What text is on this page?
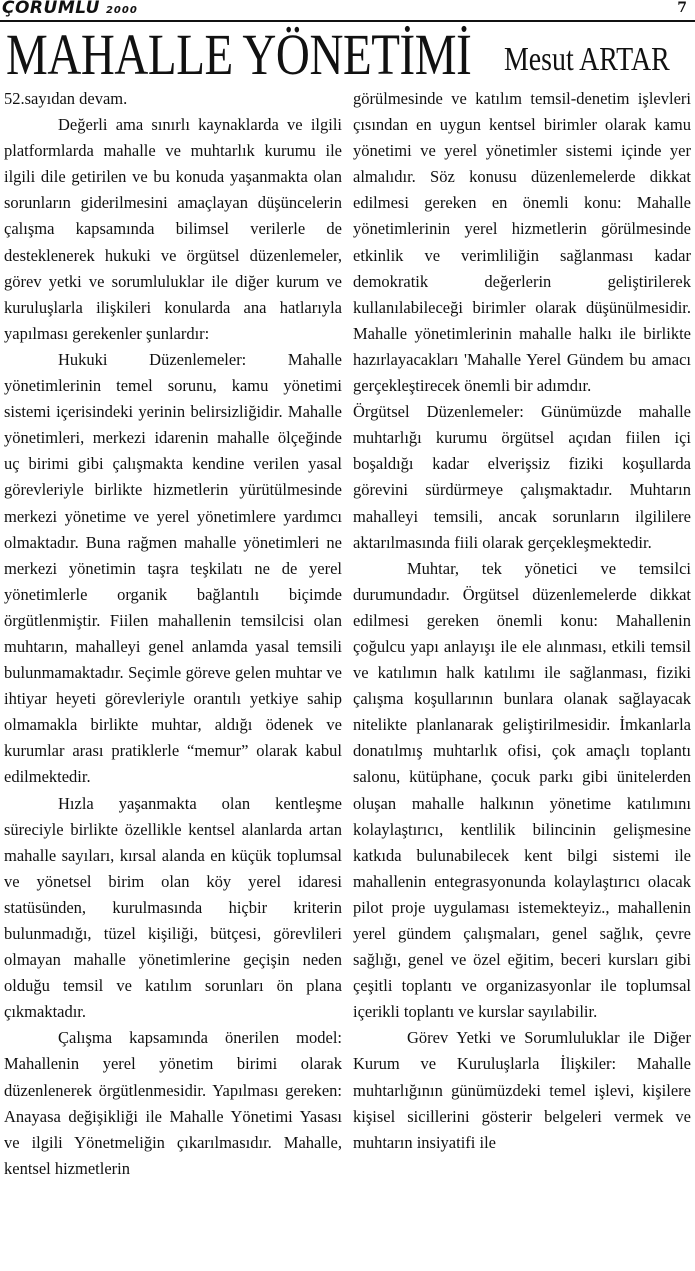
ÇORUMLU 2000	7
MAHALLE YÖNETİMİ Mesut ARTAR

52.sayıdan devam.

Değerli ama sınırlı kaynaklarda ve ilgili platformlarda mahalle ve muhtarlık kurumu ile ilgili dile getirilen ve bu konuda yaşanmakta olan sorunların giderilmesini amaçlayan düşüncelerin çalışma kapsamında bilimsel verilerle de desteklenerek hukuki ve örgütsel düzenlemeler, görev yetki ve sorumluluklar ile diğer kurum ve kuruluşlarla ilişkileri konularda ana hatlarıyla yapılması gerekenler şunlardır:

Hukuki Düzenlemeler: Mahalle yönetimlerinin temel sorunu, kamu yönetimi sistemi içerisindeki yerinin belirsizliğidir. Mahalle yönetimleri, merkezi idarenin mahalle ölçeğinde uç birimi gibi çalışmakta kendine verilen yasal görevleriyle birlikte hizmetlerin yürütülmesinde merkezi yönetime ve yerel yönetimlere yardımcı olmaktadır. Buna rağmen mahalle yönetimleri ne merkezi yönetimin taşra teşkilatı ne de yerel yönetimlerle organik bağlantılı biçimde örgütlenmiştir. Fiilen mahallenin temsilcisi olan muhtarın, mahalleyi genel anlamda yasal temsili bulunmamaktadır. Seçimle göreve gelen muhtar ve ihtiyar heyeti görevleriyle orantılı yetkiye sahip olmamakla birlikte muhtar, aldığı ödenek ve kurumlar arası pratiklerle “memur” olarak kabul edilmektedir.

Hızla yaşanmakta olan kentleşme süreciyle birlikte özellikle kentsel alanlarda artan mahalle sayıları, kırsal alanda en küçük toplumsal ve yönetsel birim olan köy yerel idaresi statüsünden, kurulmasında hiçbir kriterin bulunmadığı, tüzel kişiliği, bütçesi, görevlileri olmayan mahalle yönetimlerine geçişin neden olduğu temsil ve katılım sorunları ön plana çıkmaktadır.

Çalışma kapsamında önerilen model: Mahallenin yerel yönetim birimi olarak düzenlenerek örgütlenmesidir. Yapılması gereken: Anayasa değişikliği ile Mahalle Yönetimi Yasası ve ilgili Yönetmeliğin çıkarılmasıdır. Mahalle, kentsel hizmetlerin

görülmesinde ve katılım temsil-denetim işlevleri çısından en uygun kentsel birimler olarak kamu yönetimi ve yerel yönetimler sistemi içinde yer almalıdır. Söz konusu düzenlemelerde dikkat edilmesi gereken en önemli konu: Mahalle yönetimlerinin yerel hizmetlerin görülmesinde etkinlik ve verimliliğin sağlanması kadar demokratik değerlerin geliştirilerek kullanılabileceği birimler olarak düşünülmesidir. Mahalle yönetimlerinin mahalle halkı ile birlikte hazırlayacakları 'Mahalle Yerel Gündem bu amacı gerçekleştirecek önemli bir adımdır.

Örgütsel Düzenlemeler: Günümüzde mahalle muhtarlığı kurumu örgütsel açıdan fiilen içi boşaldığı kadar elverişsiz fiziki koşullarda görevini sürdürmeye çalışmaktadır. Muhtarın mahalleyi temsili, ancak sorunların ilgililere aktarılmasında fiili olarak gerçekleşmektedir.

Muhtar, tek yönetici ve temsilci durumundadır. Örgütsel düzenlemelerde dikkat edilmesi gereken önemli konu: Mahallenin çoğulcu yapı anlayışı ile ele alınması, etkili temsil ve katılımın halk katılımı ile sağlanması, fiziki çalışma koşullarının bunlara olanak sağlayacak nitelikte planlanarak geliştirilmesidir. İmkanlarla donatılmış muhtarlık ofisi, çok amaçlı toplantı salonu, kütüphane, çocuk parkı gibi ünitelerden oluşan mahalle halkının yönetime katılımını kolaylaştırıcı, kentlilik bilincinin gelişmesine katkıda bulunabilecek kent bilgi sistemi ile mahallenin entegrasyonunda kolaylaştırıcı olacak pilot proje uygulaması istemekteyiz., mahallenin yerel gündem çalışmaları, genel sağlık, çevre sağlığı, genel ve özel eğitim, beceri kursları gibi çeşitli toplantı ve organizasyonlar ile toplumsal içerikli toplantı ve kurslar sayılabilir.

Görev Yetki ve Sorumluluklar ile Diğer Kurum ve Kuruluşlarla İlişkiler: Mahalle muhtarlığının günümüzdeki temel işlevi, kişilere kişisel sicillerini gösterir belgeleri vermek ve muhtarın insiyatifi ile
